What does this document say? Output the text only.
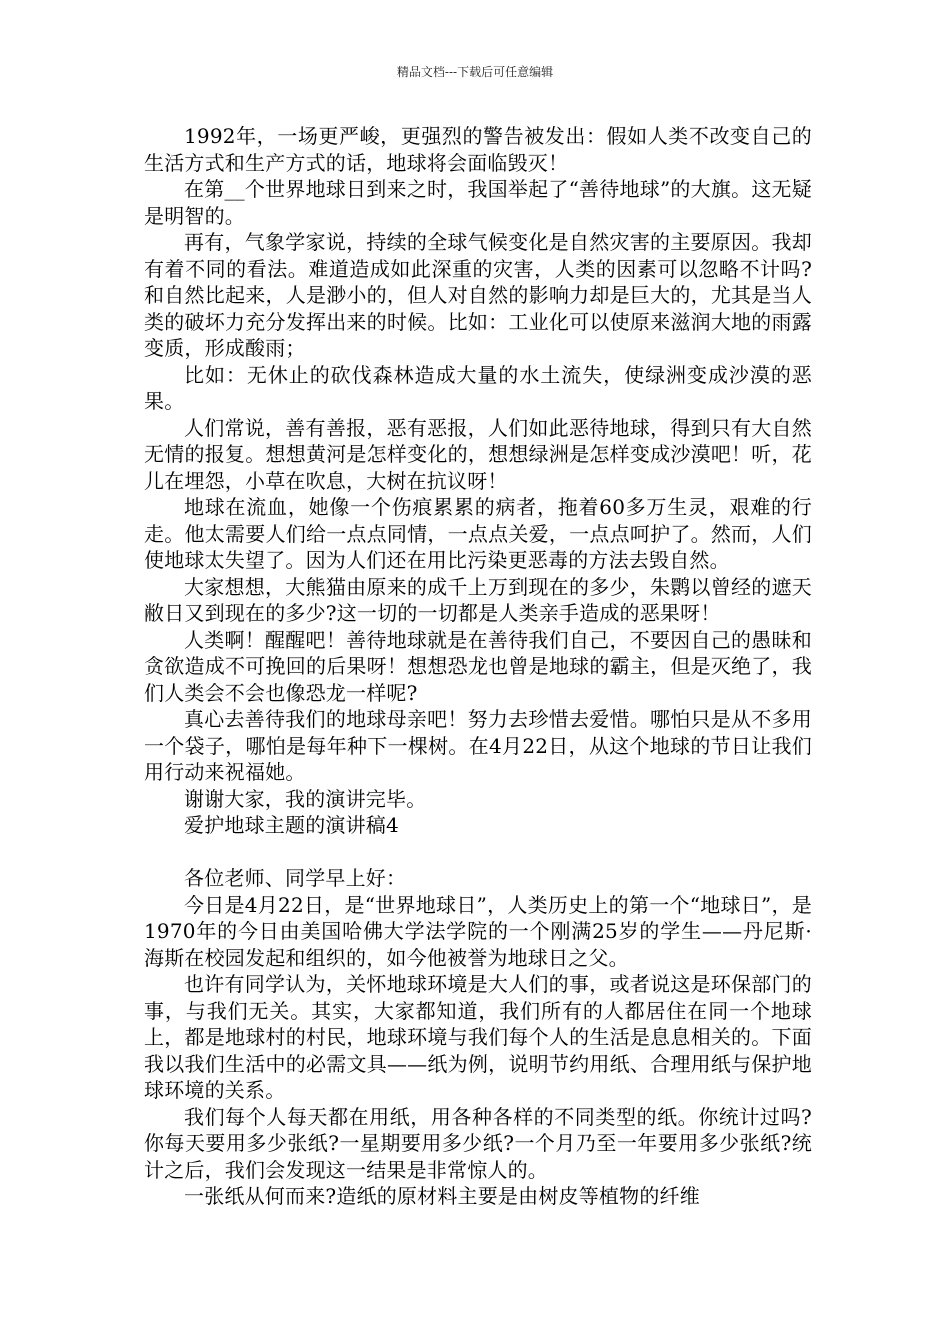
精品文档---下载后可任意编辑

1992年，一场更严峻，更强烈的警告被发出：假如人类不改变自己的生活方式和生产方式的话，地球将会面临毁灭！

在第__个世界地球日到来之时，我国举起了“善待地球”的大旗。这无疑是明智的。

再有，气象学家说，持续的全球气候变化是自然灾害的主要原因。我却有着不同的看法。难道造成如此深重的灾害，人类的因素可以忽略不计吗?和自然比起来，人是渺小的，但人对自然的影响力却是巨大的，尤其是当人类的破坏力充分发挥出来的时候。比如：工业化可以使原来滋润大地的雨露变质，形成酸雨；

比如：无休止的砍伐森林造成大量的水土流失，使绿洲变成沙漠的恶果。

人们常说，善有善报，恶有恶报，人们如此恶待地球，得到只有大自然无情的报复。想想黄河是怎样变化的，想想绿洲是怎样变成沙漠吧！听，花儿在埋怨，小草在吹息，大树在抗议呀！

地球在流血，她像一个伤痕累累的病者，拖着60多万生灵，艰难的行走。他太需要人们给一点点同情，一点点关爱，一点点呵护了。然而，人们使地球太失望了。因为人们还在用比污染更恶毒的方法去毁自然。

大家想想，大熊猫由原来的成千上万到现在的多少，朱鹮以曾经的遮天敝日又到现在的多少?这一切的一切都是人类亲手造成的恶果呀！

人类啊！醒醒吧！善待地球就是在善待我们自己，不要因自己的愚昧和贪欲造成不可挽回的后果呀！想想恐龙也曾是地球的霸主，但是灭绝了，我们人类会不会也像恐龙一样呢?

真心去善待我们的地球母亲吧！努力去珍惜去爱惜。哪怕只是从不多用一个袋子，哪怕是每年种下一棵树。在4月22日，从这个地球的节日让我们用行动来祝福她。

谢谢大家，我的演讲完毕。

爱护地球主题的演讲稿4

各位老师、同学早上好：

今日是4月22日，是“世界地球日”，人类历史上的第一个“地球日”，是1970年的今日由美国哈佛大学法学院的一个刚满25岁的学生——丹尼斯·海斯在校园发起和组织的，如今他被誉为地球日之父。

也许有同学认为，关怀地球环境是大人们的事，或者说这是环保部门的事，与我们无关。其实，大家都知道，我们所有的人都居住在同一个地球上，都是地球村的村民，地球环境与我们每个人的生活是息息相关的。下面我以我们生活中的必需文具——纸为例，说明节约用纸、合理用纸与保护地球环境的关系。

我们每个人每天都在用纸，用各种各样的不同类型的纸。你统计过吗?你每天要用多少张纸?一星期要用多少纸?一个月乃至一年要用多少张纸?统计之后，我们会发现这一结果是非常惊人的。

一张纸从何而来?造纸的原材料主要是由树皮等植物的纤维
